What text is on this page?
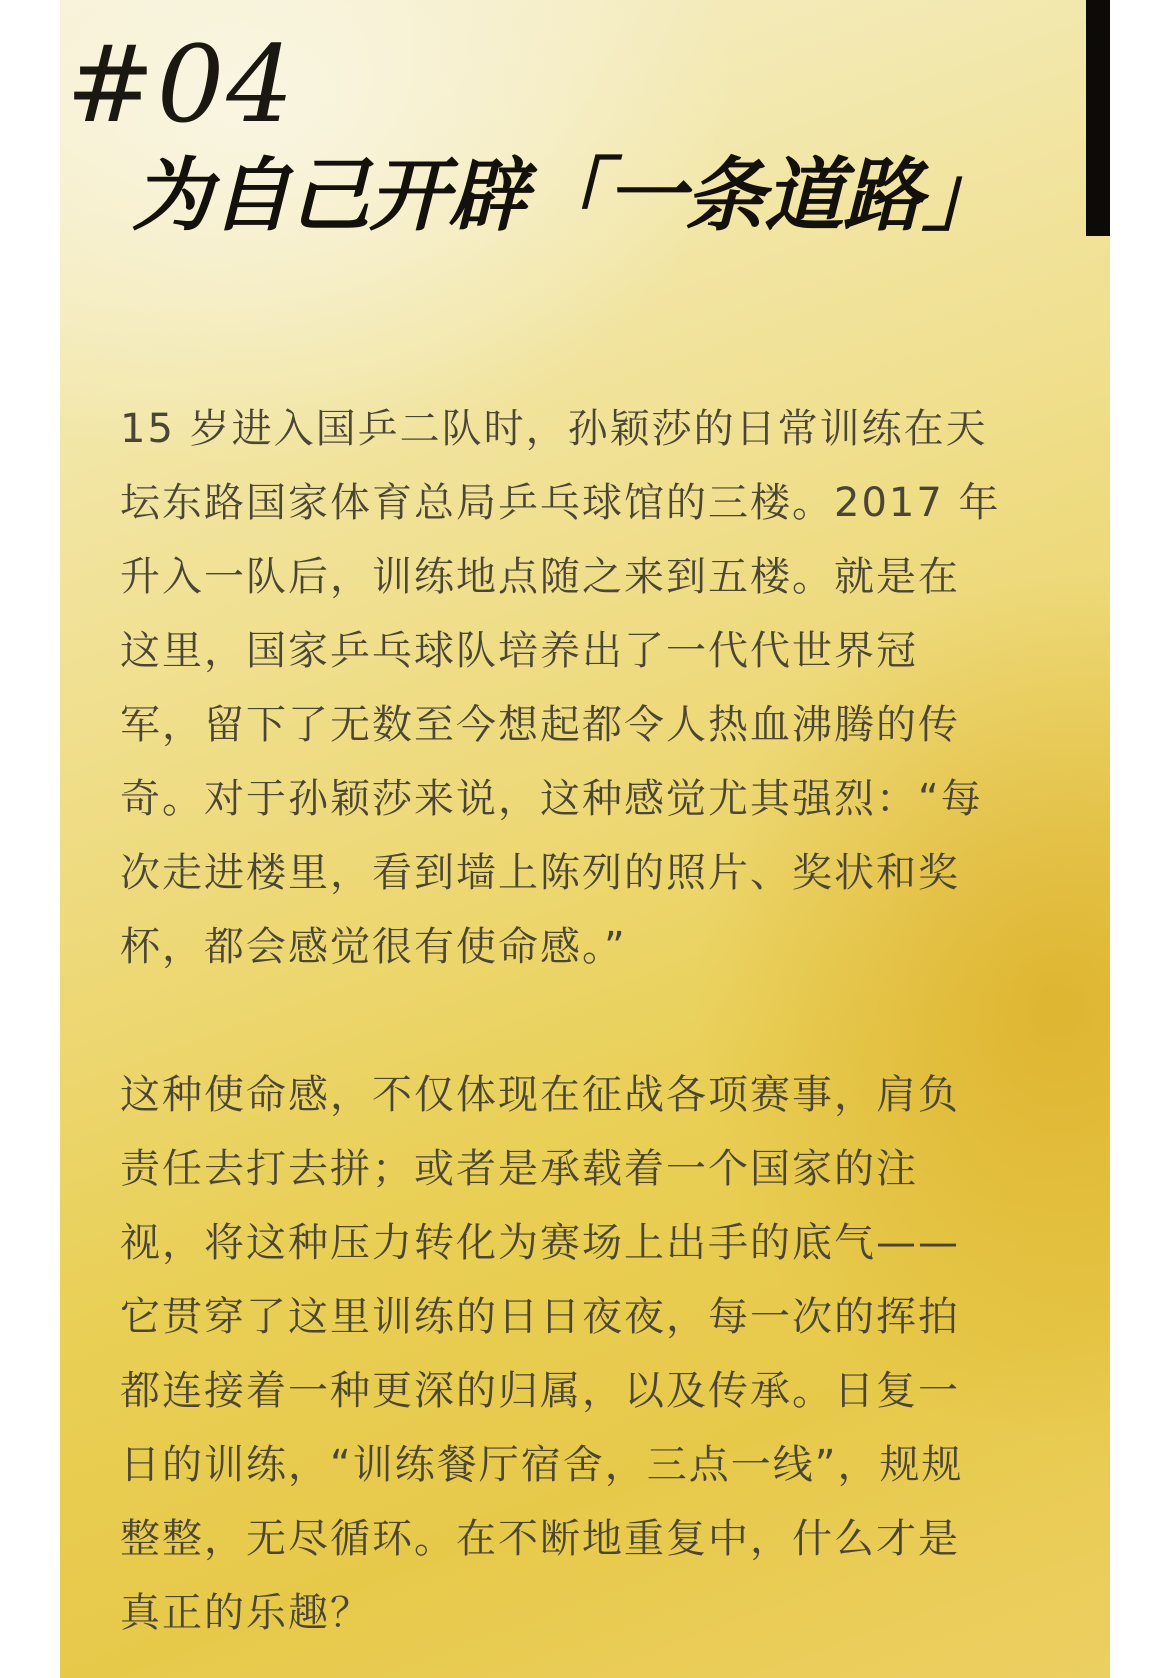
#04
为自己开辟「一条道路」
15 岁进入国乒二队时，孙颖莎的日常训练在天
坛东路国家体育总局乒乓球馆的三楼。2017 年
升入一队后，训练地点随之来到五楼。就是在
这里，国家乒乓球队培养出了一代代世界冠
军，留下了无数至今想起都令人热血沸腾的传
奇。对于孙颖莎来说，这种感觉尤其强烈：“每
次走进楼里，看到墙上陈列的照片、奖状和奖
杯，都会感觉很有使命感。”
这种使命感，不仅体现在征战各项赛事，肩负
责任去打去拼；或者是承载着一个国家的注
视，将这种压力转化为赛场上出手的底气——
它贯穿了这里训练的日日夜夜，每一次的挥拍
都连接着一种更深的归属，以及传承。日复一
日的训练，“训练餐厅宿舍，三点一线”，规规
整整，无尽循环。在不断地重复中，什么才是
真正的乐趣？
